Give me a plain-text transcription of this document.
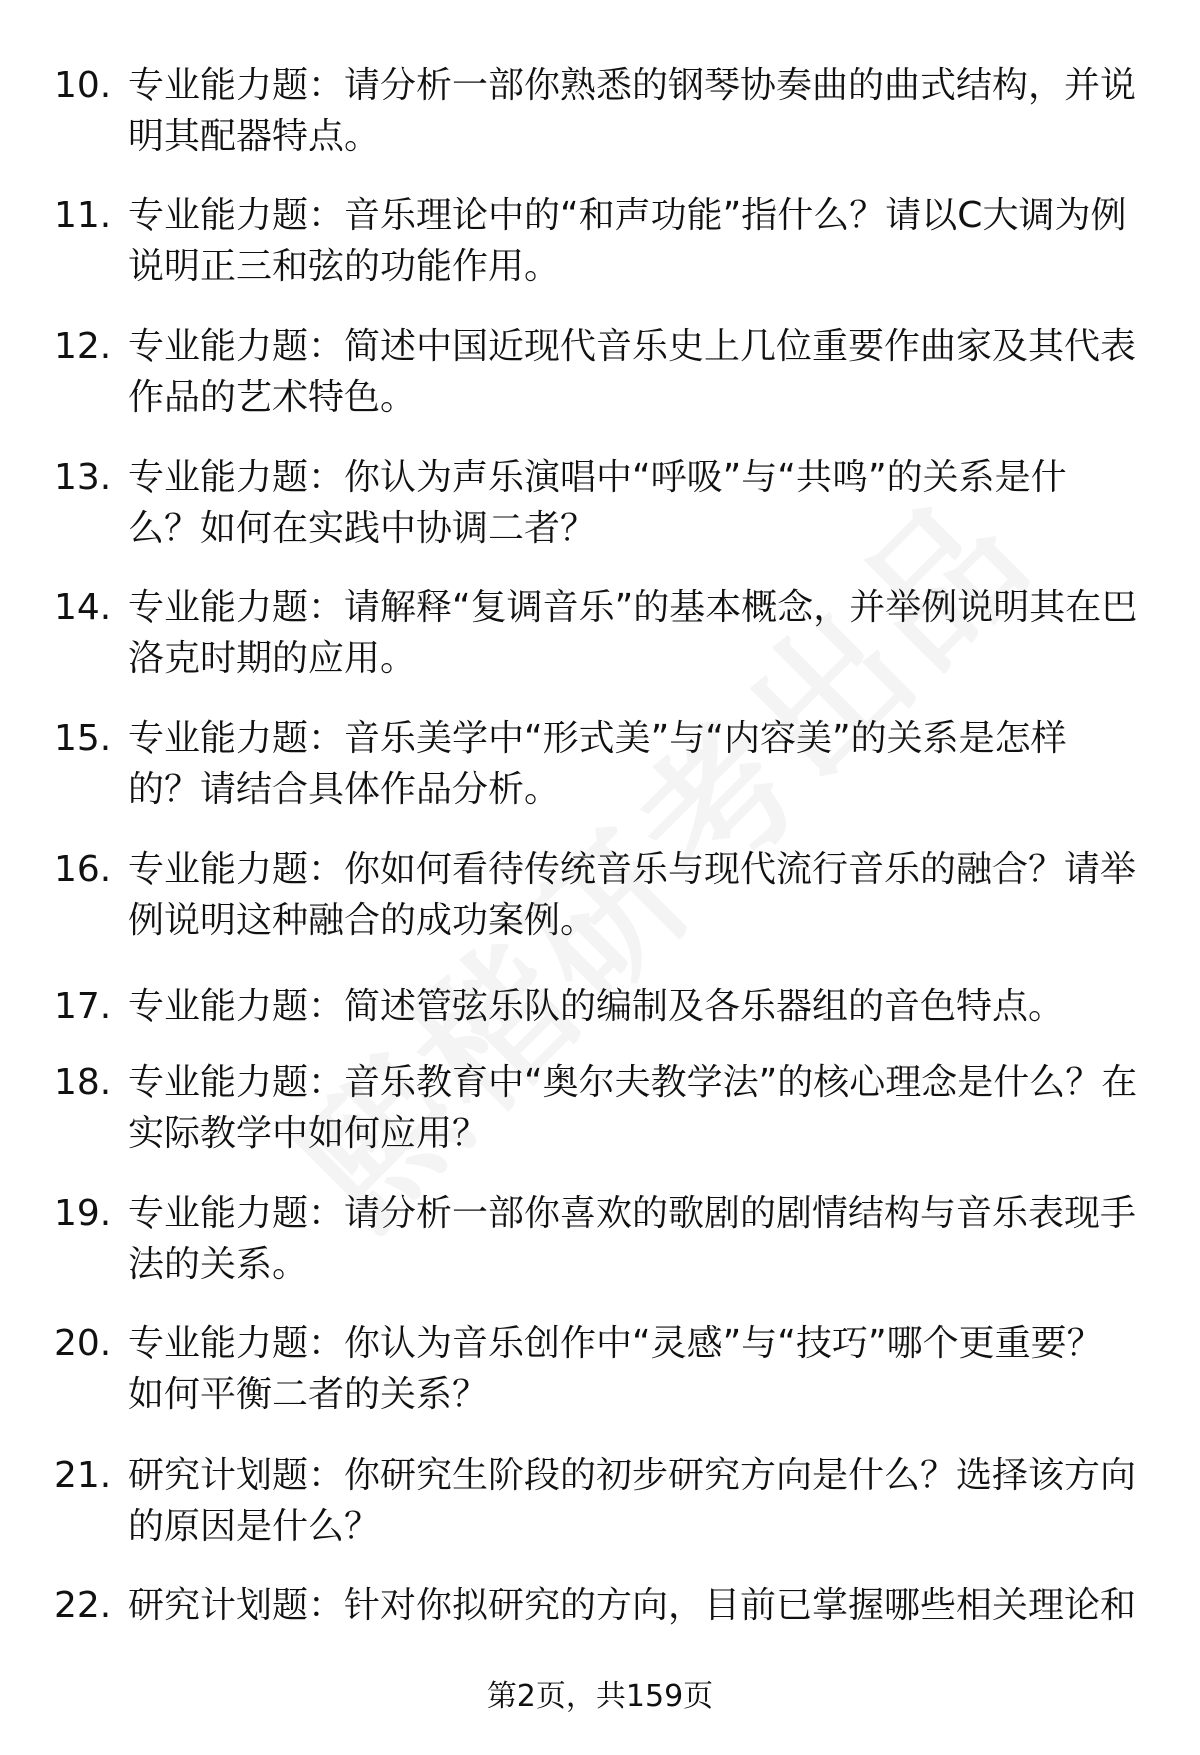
10. 专业能力题：请分析一部你熟悉的钢琴协奏曲的曲式结构，并说明其配器特点。
11. 专业能力题：音乐理论中的“和声功能”指什么？请以C大调为例说明正三和弦的功能作用。
12. 专业能力题：简述中国近现代音乐史上几位重要作曲家及其代表作品的艺术特色。
13. 专业能力题：你认为声乐演唱中“呼吸”与“共鸣”的关系是什么？如何在实践中协调二者？
14. 专业能力题：请解释“复调音乐”的基本概念，并举例说明其在巴洛克时期的应用。
15. 专业能力题：音乐美学中“形式美”与“内容美”的关系是怎样的？请结合具体作品分析。
16. 专业能力题：你如何看待传统音乐与现代流行音乐的融合？请举例说明这种融合的成功案例。
17. 专业能力题：简述管弦乐队的编制及各乐器组的音色特点。
18. 专业能力题：音乐教育中“奥尔夫教学法”的核心理念是什么？在实际教学中如何应用？
19. 专业能力题：请分析一部你喜欢的歌剧的剧情结构与音乐表现手法的关系。
20. 专业能力题：你认为音乐创作中“灵感”与“技巧”哪个更重要？如何平衡二者的关系？
21. 研究计划题：你研究生阶段的初步研究方向是什么？选择该方向的原因是什么？
22. 研究计划题：针对你拟研究的方向，目前已掌握哪些相关理论和
第2页，共159页
